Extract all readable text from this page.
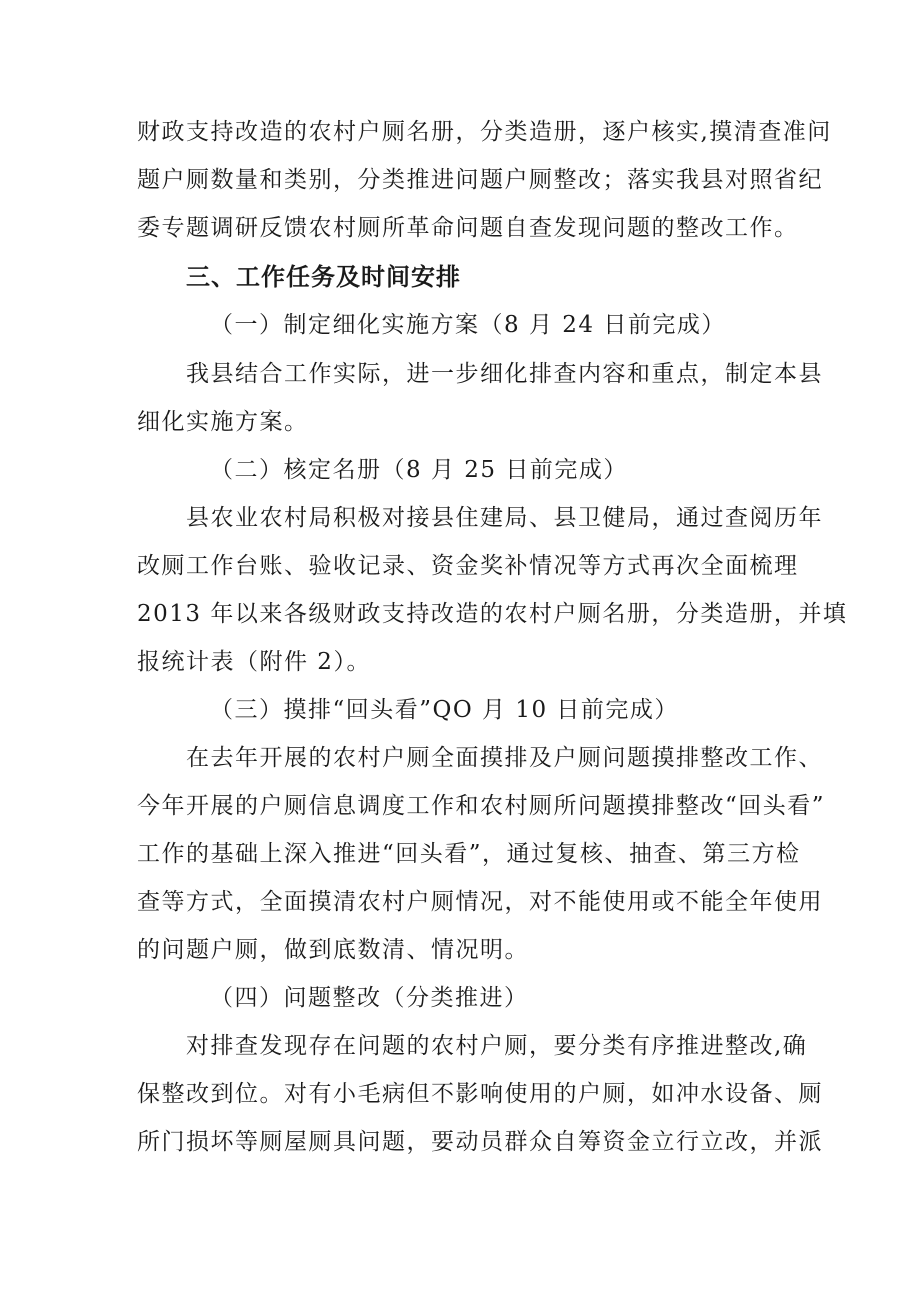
财政支持改造的农村户厕名册，分类造册，逐户核实,摸清查准问
题户厕数量和类别，分类推进问题户厕整改；落实我县对照省纪
委专题调研反馈农村厕所革命问题自查发现问题的整改工作。
三、工作任务及时间安排
（一）制定细化实施方案（8 月 24 日前完成）
我县结合工作实际，进一步细化排查内容和重点，制定本县
细化实施方案。
（二）核定名册（8 月 25 日前完成）
县农业农村局积极对接县住建局、县卫健局，通过查阅历年
改厕工作台账、验收记录、资金奖补情况等方式再次全面梳理
2013 年以来各级财政支持改造的农村户厕名册，分类造册，并填
报统计表（附件 2）。
（三）摸排“回头看”QO 月 10 日前完成）
在去年开展的农村户厕全面摸排及户厕问题摸排整改工作、
今年开展的户厕信息调度工作和农村厕所问题摸排整改“回头看”
工作的基础上深入推进“回头看”，通过复核、抽查、第三方检
查等方式，全面摸清农村户厕情况，对不能使用或不能全年使用
的问题户厕，做到底数清、情况明。
（四）问题整改（分类推进）
对排查发现存在问题的农村户厕，要分类有序推进整改,确
保整改到位。对有小毛病但不影响使用的户厕，如冲水设备、厕
所门损坏等厕屋厕具问题，要动员群众自筹资金立行立改，并派
